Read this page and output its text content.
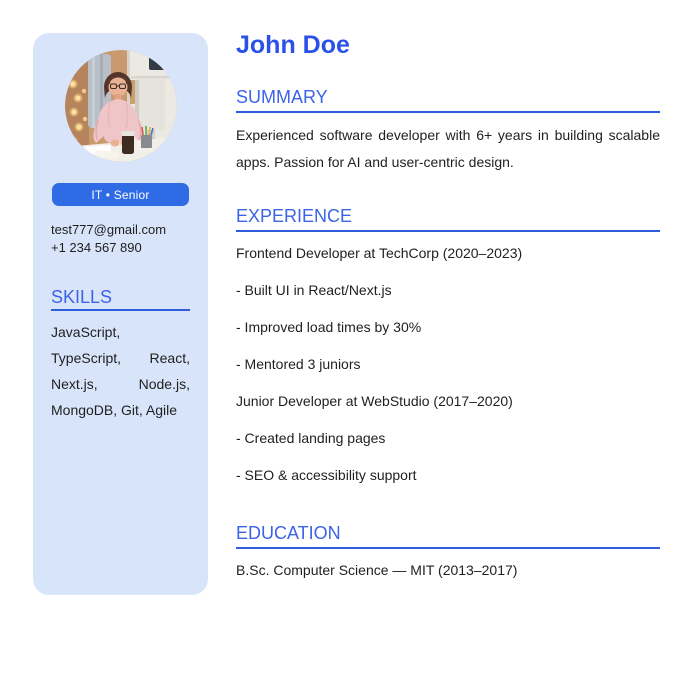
IT • Senior
test777@gmail.com
+1 234 567 890
SKILLS

JavaScript, TypeScript, React, Next.js, Node.js, MongoDB, Git, Agile

John Doe
SUMMARY

Experienced software developer with 6+ years in building scalable apps. Passion for AI and user-centric design.

EXPERIENCE

Frontend Developer at TechCorp (2020–2023)

- Built UI in React/Next.js

- Improved load times by 30%

- Mentored 3 juniors

Junior Developer at WebStudio (2017–2020)

- Created landing pages

- SEO & accessibility support

EDUCATION

B.Sc. Computer Science — MIT (2013–2017)
